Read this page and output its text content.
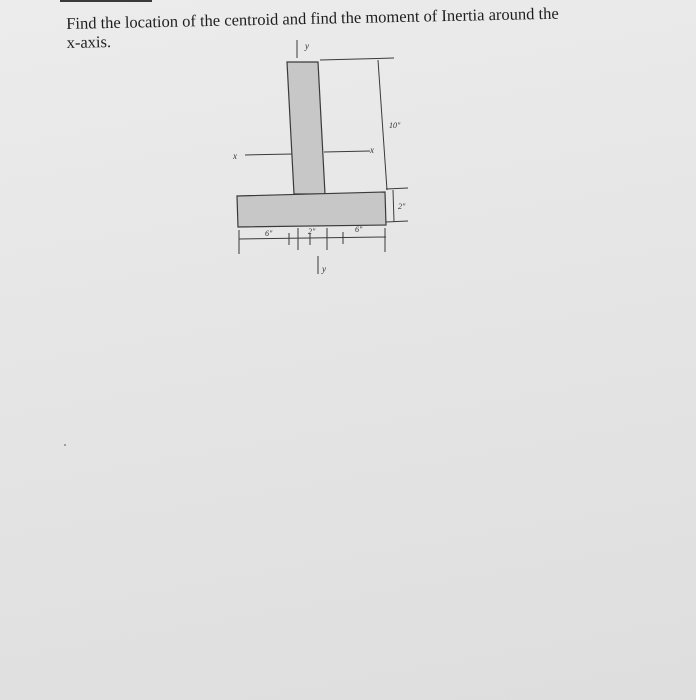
Find the location of the centroid and find the moment of Inertia around the
x-axis.	y
y
x
x
10"
2"
6"	2"	6"
